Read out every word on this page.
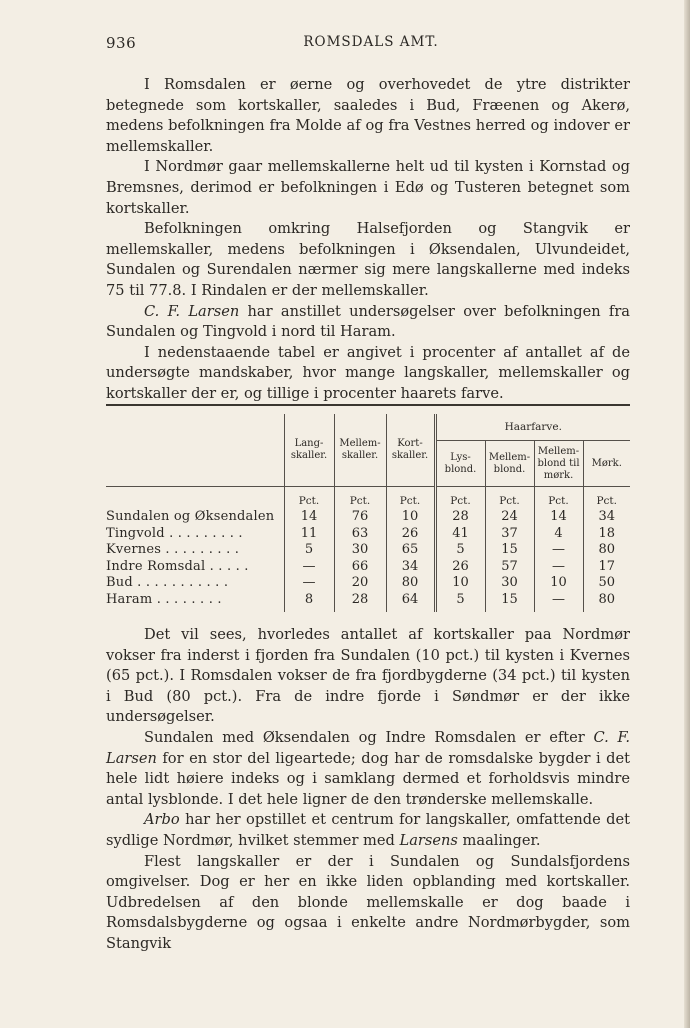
936	ROMSDALS AMT.

I Romsdalen er øerne og overhovedet de ytre distrikter betegnede som kortskaller, saaledes i Bud, Fræenen og Akerø, medens befolkningen fra Molde af og fra Vestnes herred og indover er mellemskaller.

I Nordmør gaar mellemskallerne helt ud til kysten i Kornstad og Bremsnes, derimod er befolkningen i Edø og Tusteren betegnet som kortskaller.

Befolkningen omkring Halsefjorden og Stangvik er mellemskaller, medens befolkningen i Øksendalen, Ulvundeidet, Sundalen og Surendalen nærmer sig mere langskallerne med indeks 75 til 77.8. I Rindalen er der mellemskaller.

C. F. Larsen har anstillet undersøgelser over befolkningen fra Sundalen og Tingvold i nord til Haram.

I nedenstaaende tabel er angivet i procenter af antallet af de undersøgte mandskaber, hvor mange langskaller, mellemskaller og kortskaller der er, og tillige i procenter haarets farve.

	Lang-skaller.	Mellem-skaller.	Kort-skaller.	Haarfarve.			
				Lys-blond.	Mellem-blond.	Mellem-blond til mørk.	Mørk.
	Pct.	Pct.	Pct.	Pct.	Pct.	Pct.	Pct.
Sundalen og Øksendalen	14	76	10	28	24	14	34
Tingvold . . . . . . . . .	11	63	26	41	37	4	18
Kvernes . . . . . . . . .	5	30	65	5	15	—	80
Indre Romsdal . . . . .	—	66	34	26	57	—	17
Bud . . . . . . . . . . .	—	20	80	10	30	10	50
Haram . . . . . . . .	8	28	64	5	15	—	80

Det vil sees, hvorledes antallet af kortskaller paa Nordmør vokser fra inderst i fjorden fra Sundalen (10 pct.) til kysten i Kvernes (65 pct.). I Romsdalen vokser de fra fjordbygderne (34 pct.) til kysten i Bud (80 pct.). Fra de indre fjorde i Søndmør er der ikke undersøgelser.

Sundalen med Øksendalen og Indre Romsdalen er efter C. F. Larsen for en stor del ligeartede; dog har de romsdalske bygder i det hele lidt høiere indeks og i samklang dermed et forholdsvis mindre antal lysblonde. I det hele ligner de den trønderske mellemskalle.

Arbo har her opstillet et centrum for langskaller, omfattende det sydlige Nordmør, hvilket stemmer med Larsens maalinger.

Flest langskaller er der i Sundalen og Sundalsfjordens omgivelser. Dog er her en ikke liden opblanding med kortskaller. Udbredelsen af den blonde mellemskalle er dog baade i Romsdalsbygderne og ogsaa i enkelte andre Nordmørbygder, som Stangvik
